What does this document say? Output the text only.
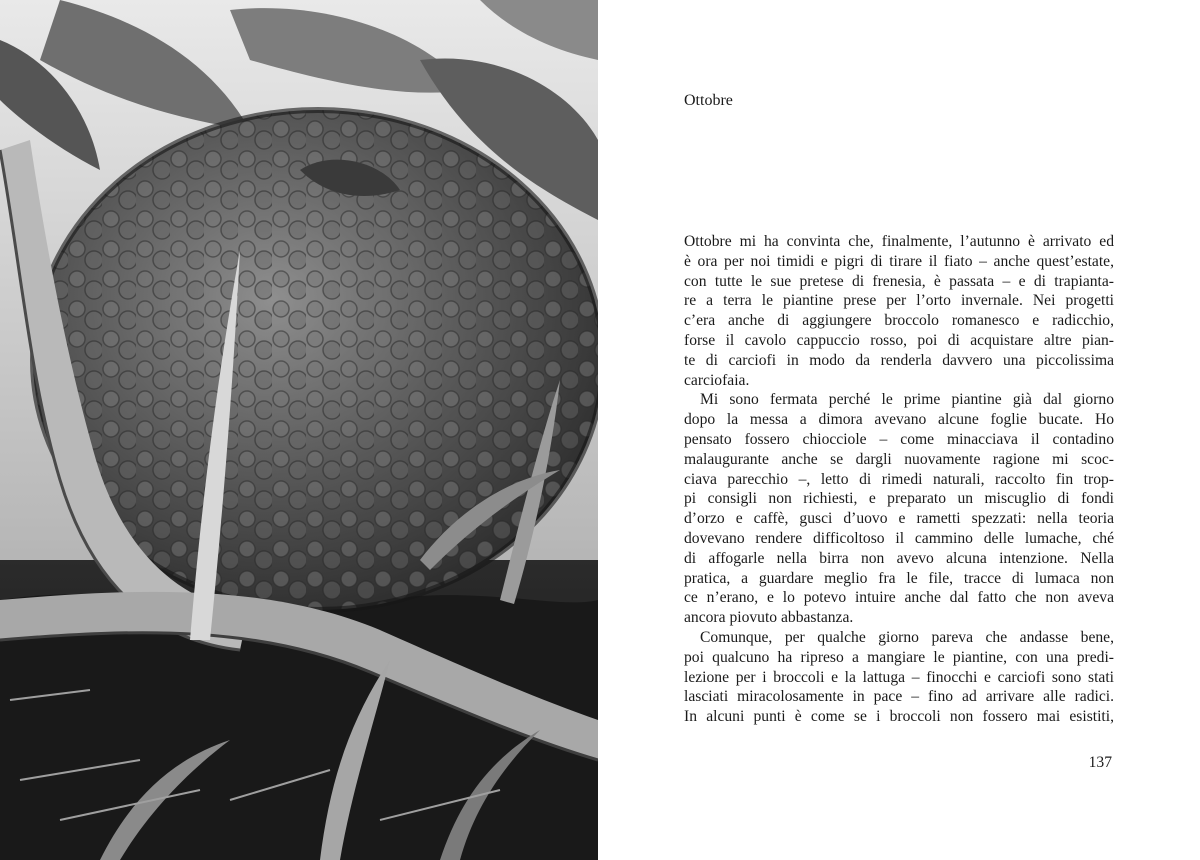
Ottobre

Ottobre mi ha convinta che, finalmente, l’autunno è arrivato ed
è ora per noi timidi e pigri di tirare il fiato – anche quest’estate,
con tutte le sue pretese di frenesia, è passata – e di trapianta-
re a terra le piantine prese per l’orto invernale. Nei progetti
c’era anche di aggiungere broccolo romanesco e radicchio,
forse il cavolo cappuccio rosso, poi di acquistare altre pian-
te di carciofi in modo da renderla davvero una piccolissima
carciofaia.

Mi sono fermata perché le prime piantine già dal giorno
dopo la messa a dimora avevano alcune foglie bucate. Ho
pensato fossero chiocciole – come minacciava il contadino
malaugurante anche se dargli nuovamente ragione mi scoc-
ciava parecchio –, letto di rimedi naturali, raccolto fin trop-
pi consigli non richiesti, e preparato un miscuglio di fondi
d’orzo e caffè, gusci d’uovo e rametti spezzati: nella teoria
dovevano rendere difficoltoso il cammino delle lumache, ché
di affogarle nella birra non avevo alcuna intenzione. Nella
pratica, a guardare meglio fra le file, tracce di lumaca non
ce n’erano, e lo potevo intuire anche dal fatto che non aveva
ancora piovuto abbastanza.

Comunque, per qualche giorno pareva che andasse bene,
poi qualcuno ha ripreso a mangiare le piantine, con una predi-
lezione per i broccoli e la lattuga – finocchi e carciofi sono stati
lasciati miracolosamente in pace – fino ad arrivare alle radici.
In alcuni punti è come se i broccoli non fossero mai esistiti,

137
